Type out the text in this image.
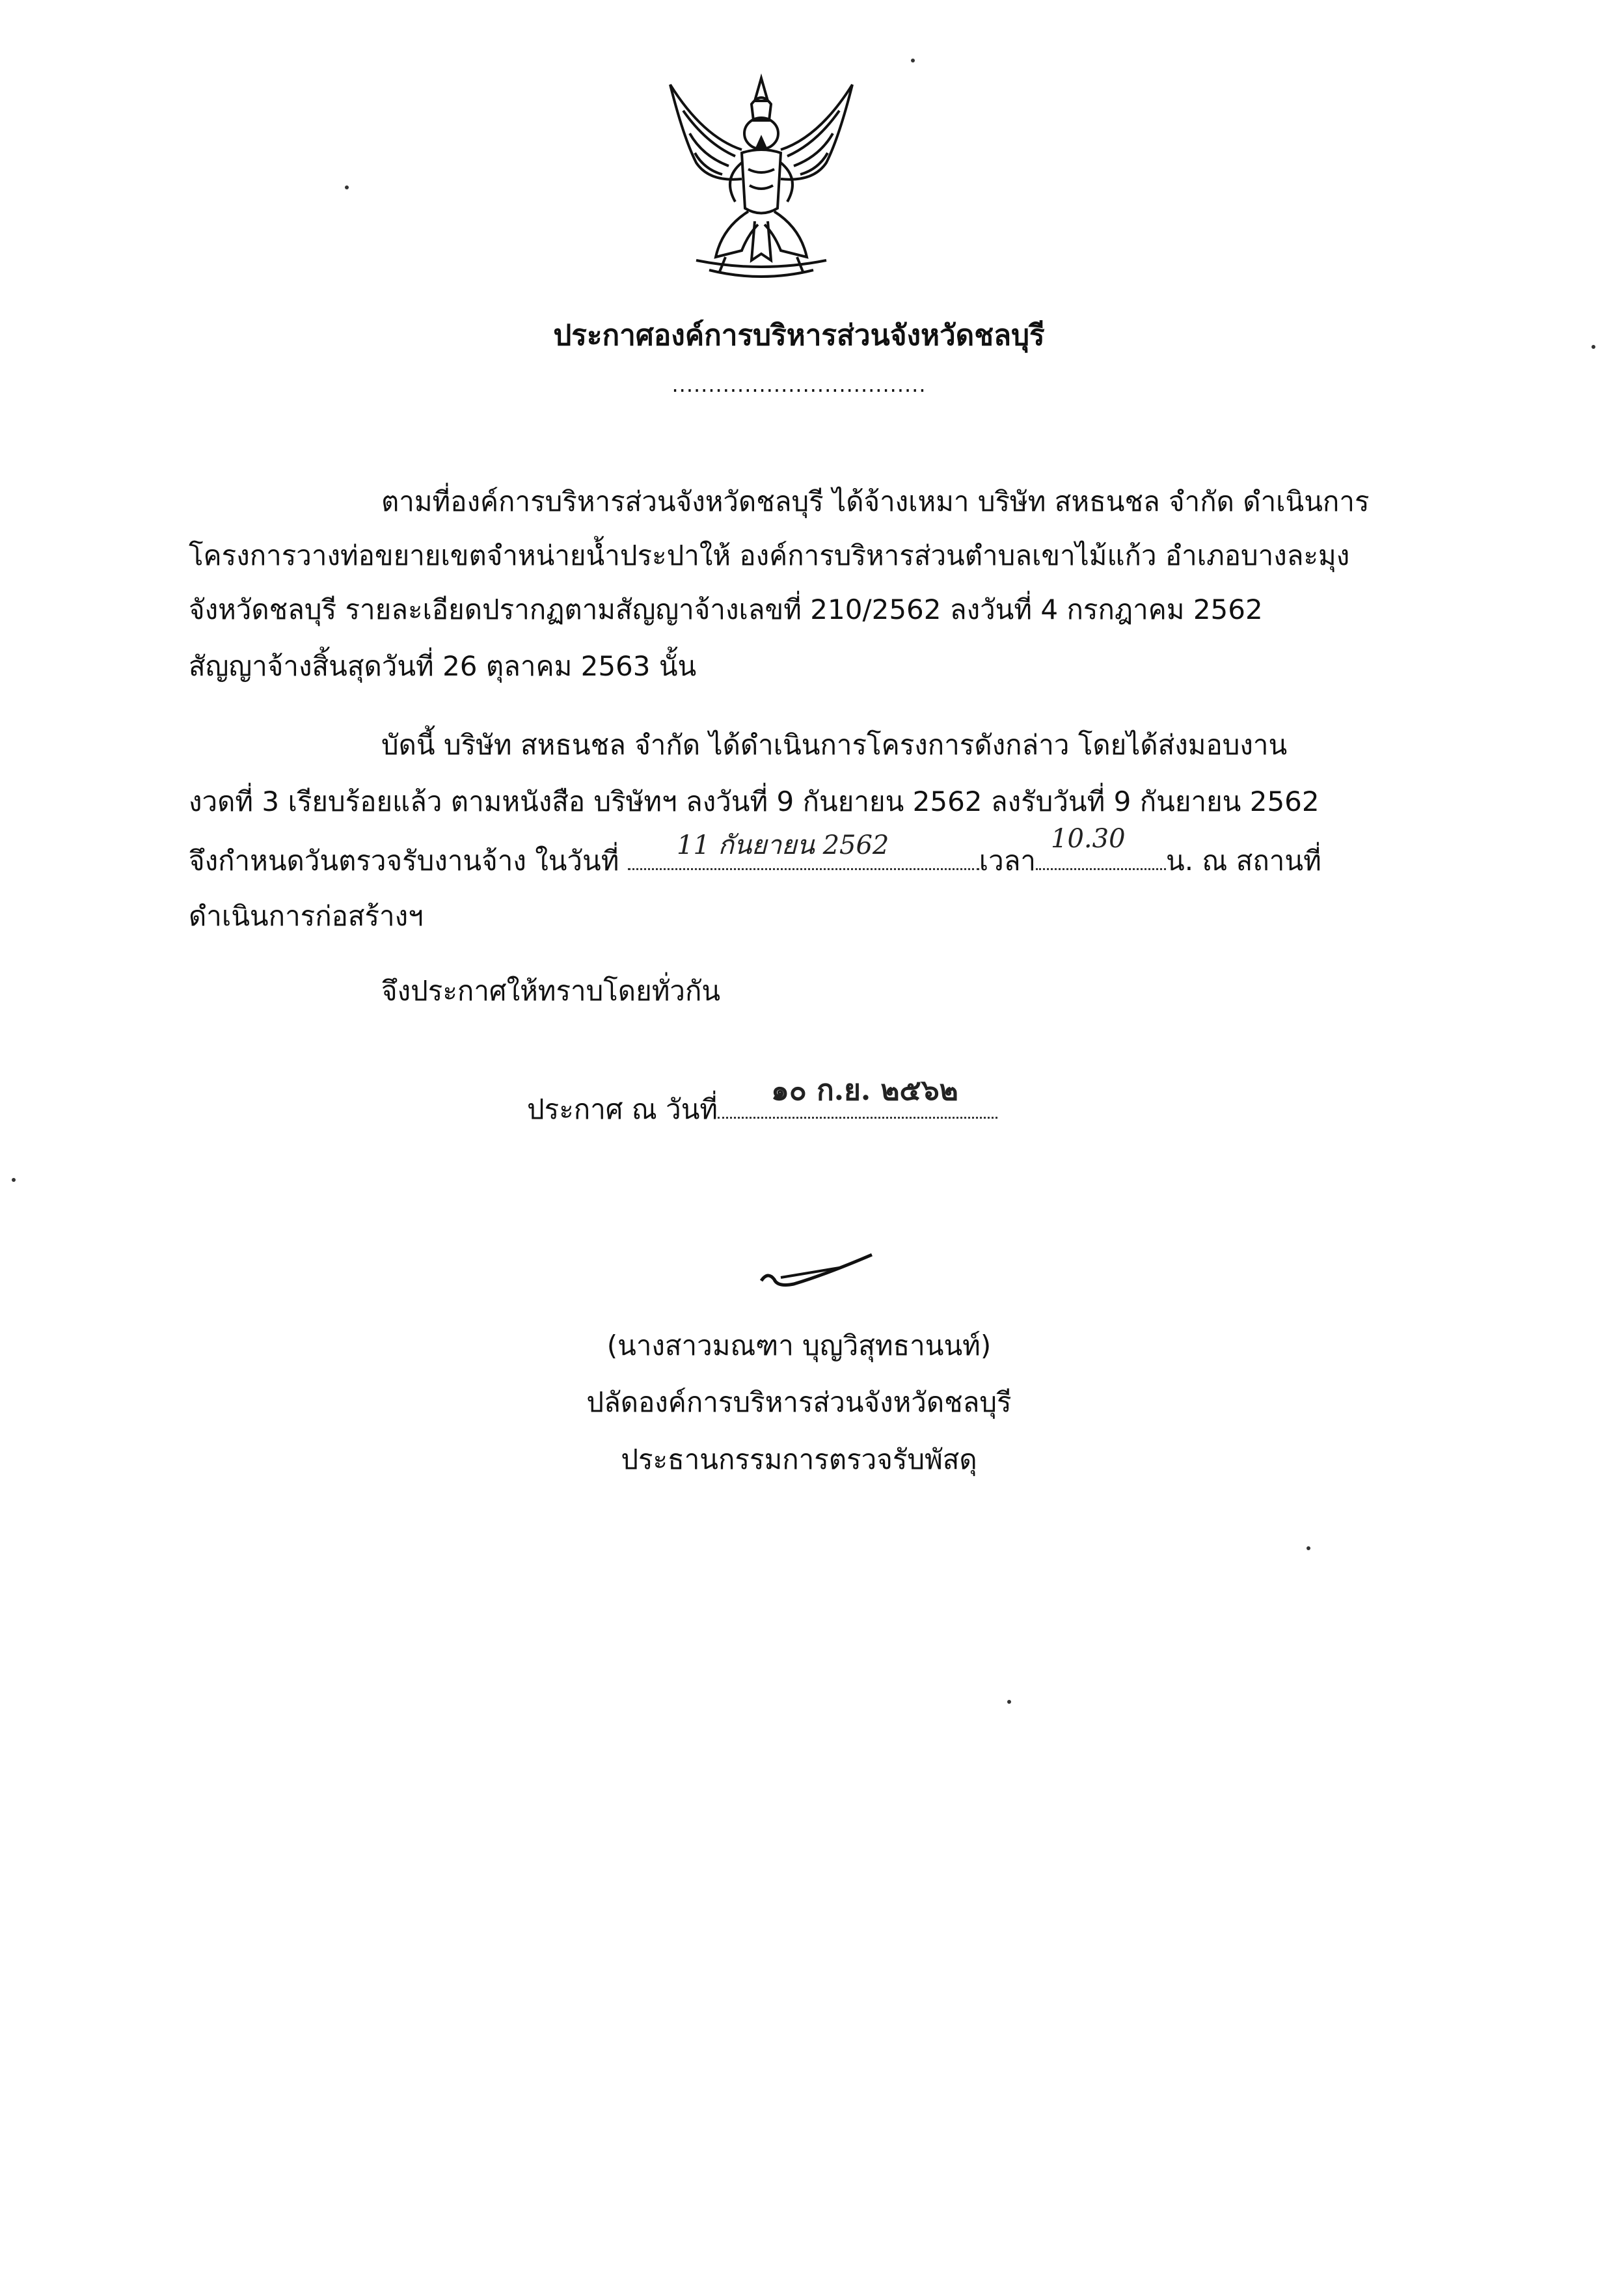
ประกาศองค์การบริหารส่วนจังหวัดชลบุรี
...................................
ตามที่องค์การบริหารส่วนจังหวัดชลบุรี ได้จ้างเหมา บริษัท สหธนชล จำกัด ดำเนินการ
โครงการวางท่อขยายเขตจำหน่ายน้ำประปาให้ องค์การบริหารส่วนตำบลเขาไม้แก้ว อำเภอบางละมุง
จังหวัดชลบุรี รายละเอียดปรากฏตามสัญญาจ้างเลขที่ 210/2562 ลงวันที่ 4 กรกฎาคม 2562
สัญญาจ้างสิ้นสุดวันที่ 26 ตุลาคม 2563 นั้น
บัดนี้ บริษัท สหธนชล จำกัด ได้ดำเนินการโครงการดังกล่าว โดยได้ส่งมอบงาน
งวดที่ 3 เรียบร้อยแล้ว ตามหนังสือ บริษัทฯ ลงวันที่ 9 กันยายน 2562 ลงรับวันที่ 9 กันยายน 2562
จึงกำหนดวันตรวจรับงานจ้าง ในวันที่	เวลา	น. ณ สถานที่
11 กันยายน 2562	10.30
ดำเนินการก่อสร้างฯ
จึงประกาศให้ทราบโดยทั่วกัน
ประกาศ ณ วันที่
๑๐ ก.ย. ๒๕๖๒
(นางสาวมณฑา บุญวิสุทธานนท์)
ปลัดองค์การบริหารส่วนจังหวัดชลบุรี
ประธานกรรมการตรวจรับพัสดุ
